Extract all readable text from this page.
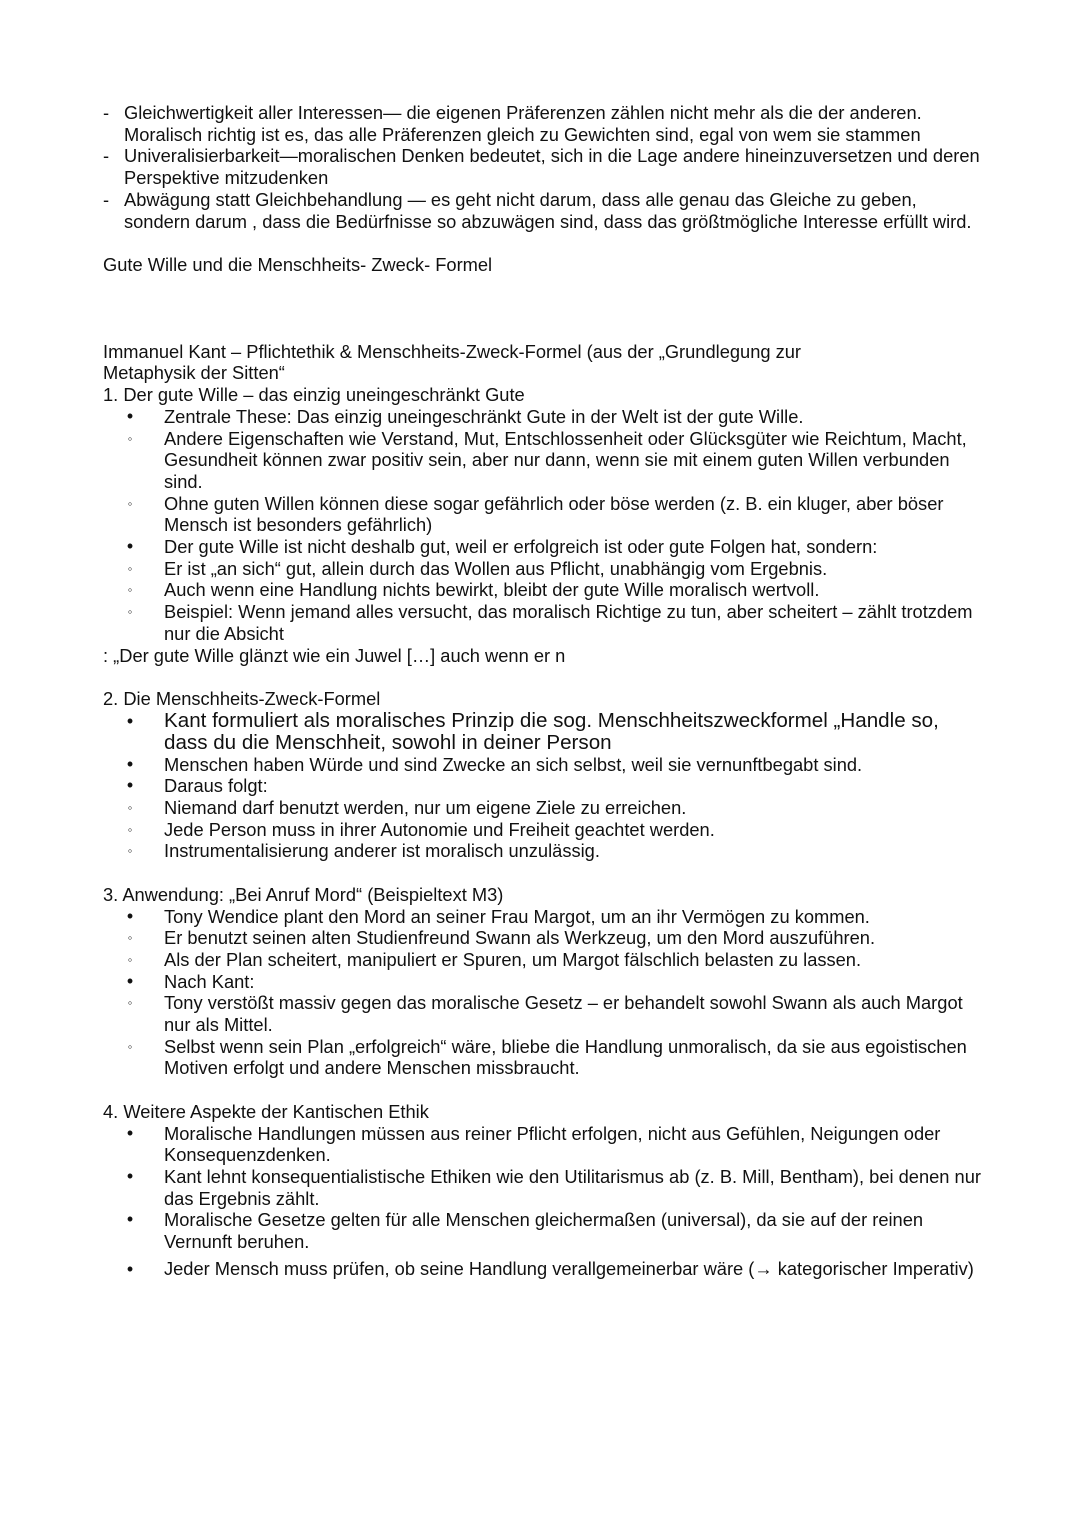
- Gleichwertigkeit aller Interessen— die eigenen Präferenzen zählen nicht mehr als die der anderen. Moralisch richtig ist es, das alle Präferenzen gleich zu Gewichten sind, egal von wem sie stammen
- Univeralisierbarkeit—moralischen Denken bedeutet, sich in die Lage andere hineinzuversetzen und deren Perspektive mitzudenken
- Abwägung statt Gleichbehandlung — es geht nicht darum, dass alle genau das Gleiche zu geben, sondern darum , dass die Bedürfnisse so abzuwägen sind, dass das größtmögliche Interesse erfüllt wird.

Gute Wille und die Menschheits- Zweck- Formel

Immanuel Kant – Pflichtethik & Menschheits-Zweck-Formel (aus der „Grundlegung zur Metaphysik der Sitten“

1. Der gute Wille – das einzig uneingeschränkt Gute

• Zentrale These: Das einzig uneingeschränkt Gute in der Welt ist der gute Wille.
◦ Andere Eigenschaften wie Verstand, Mut, Entschlossenheit oder Glücksgüter wie Reichtum, Macht, Gesundheit können zwar positiv sein, aber nur dann, wenn sie mit einem guten Willen verbunden sind.
◦ Ohne guten Willen können diese sogar gefährlich oder böse werden (z. B. ein kluger, aber böser Mensch ist besonders gefährlich)
• Der gute Wille ist nicht deshalb gut, weil er erfolgreich ist oder gute Folgen hat, sondern:
◦ Er ist „an sich“ gut, allein durch das Wollen aus Pflicht, unabhängig vom Ergebnis.
◦ Auch wenn eine Handlung nichts bewirkt, bleibt der gute Wille moralisch wertvoll.
◦ Beispiel: Wenn jemand alles versucht, das moralisch Richtige zu tun, aber scheitert – zählt trotzdem nur die Absicht

: „Der gute Wille glänzt wie ein Juwel […] auch wenn er n

2. Die Menschheits-Zweck-Formel

• Kant formuliert als moralisches Prinzip die sog. Menschheitszweckformel „Handle so, dass du die Menschheit, sowohl in deiner Person
• Menschen haben Würde und sind Zwecke an sich selbst, weil sie vernunftbegabt sind.
• Daraus folgt:
◦ Niemand darf benutzt werden, nur um eigene Ziele zu erreichen.
◦ Jede Person muss in ihrer Autonomie und Freiheit geachtet werden.
◦ Instrumentalisierung anderer ist moralisch unzulässig.

3. Anwendung: „Bei Anruf Mord“ (Beispieltext M3)

• Tony Wendice plant den Mord an seiner Frau Margot, um an ihr Vermögen zu kommen.
◦ Er benutzt seinen alten Studienfreund Swann als Werkzeug, um den Mord auszuführen.
◦ Als der Plan scheitert, manipuliert er Spuren, um Margot fälschlich belasten zu lassen.
• Nach Kant:
◦ Tony verstößt massiv gegen das moralische Gesetz – er behandelt sowohl Swann als auch Margot nur als Mittel.
◦ Selbst wenn sein Plan „erfolgreich“ wäre, bliebe die Handlung unmoralisch, da sie aus egoistischen Motiven erfolgt und andere Menschen missbraucht.

4. Weitere Aspekte der Kantischen Ethik

• Moralische Handlungen müssen aus reiner Pflicht erfolgen, nicht aus Gefühlen, Neigungen oder Konsequenzdenken.
• Kant lehnt konsequentialistische Ethiken wie den Utilitarismus ab (z. B. Mill, Bentham), bei denen nur das Ergebnis zählt.
• Moralische Gesetze gelten für alle Menschen gleichermaßen (universal), da sie auf der reinen Vernunft beruhen.
• Jeder Mensch muss prüfen, ob seine Handlung verallgemeinerbar wäre (→ kategorischer Imperativ)
